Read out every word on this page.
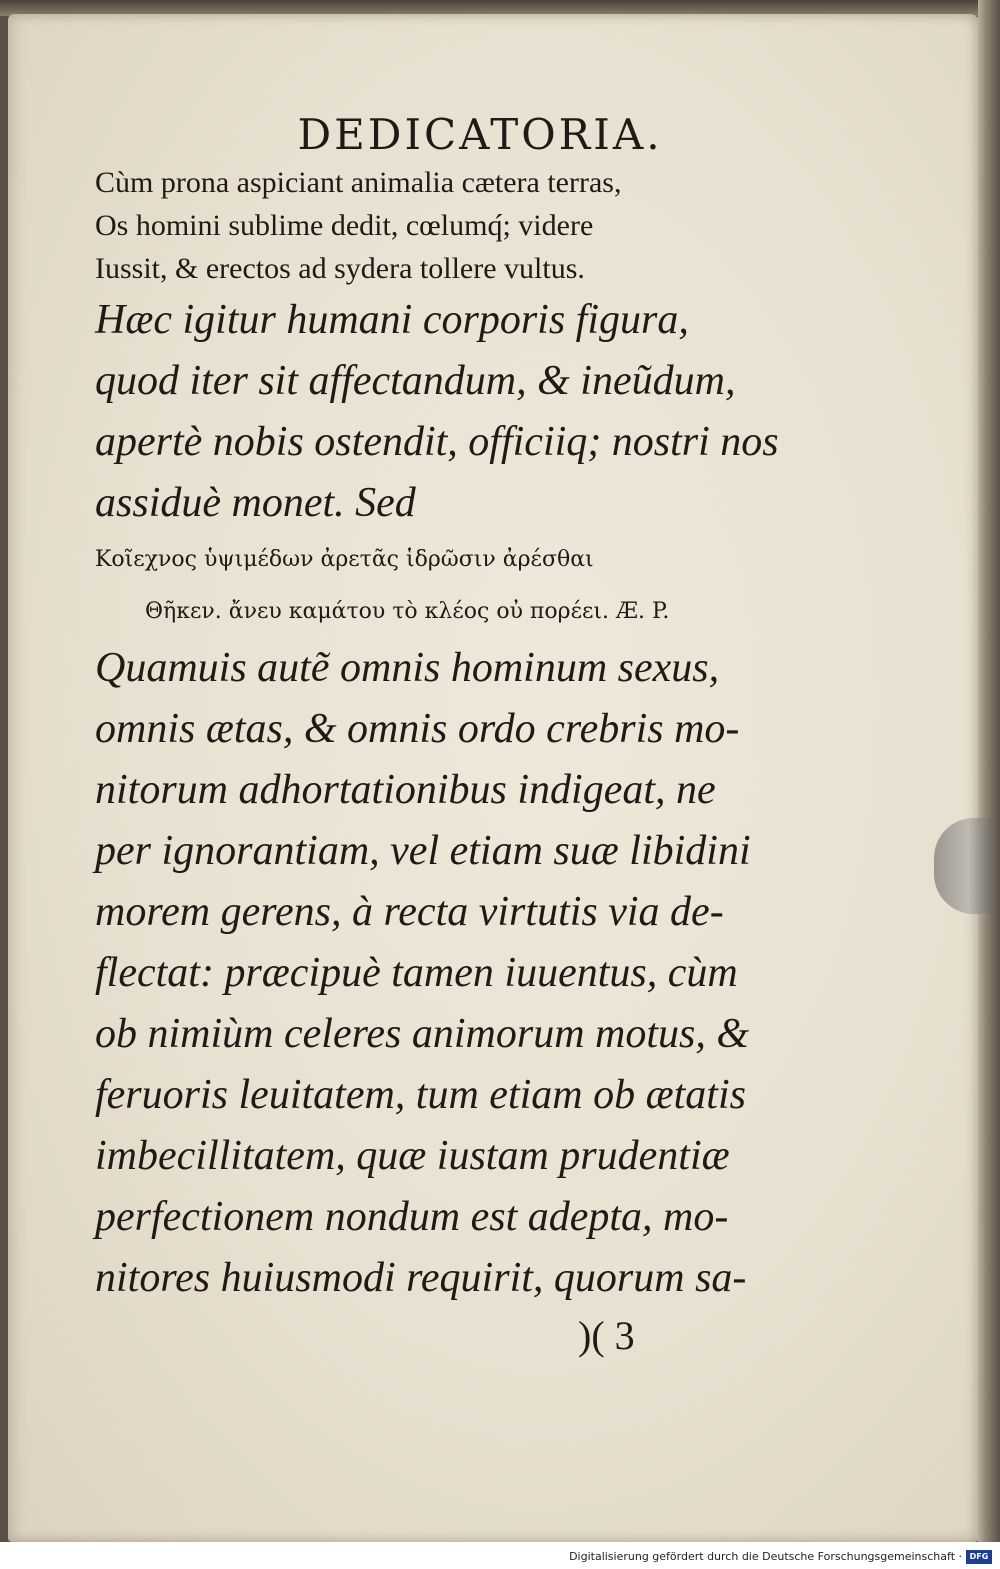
DEDICATORIA.

Cùm prona aspiciant animalia cætera terras,

Os homini sublime dedit, cœlumq́; videre

Iussit, & erectos ad sydera tollere vultus.

Hæc igitur humani corporis figura,

quod iter sit affectandum, & ineũdum,

apertè nobis ostendit, officiiq; nostri nos

assiduè monet. Sed

Κοῖεχνος ὑψιμέδων ἀρετᾶς ἱδρῶσιν ἀρέσθαι

Θῆκεν. ἄνευ καμάτου τὸ κλέος οὐ πορέει. Æ. P.

Quamuis autẽ omnis hominum sexus,

omnis ætas, & omnis ordo crebris mo-

nitorum adhortationibus indigeat, ne

per ignorantiam, vel etiam suæ libidini

morem gerens, à recta virtutis via de-

flectat: præcipuè tamen iuuentus, cùm

ob nimiùm celeres animorum motus, &

feruoris leuitatem, tum etiam ob ætatis

imbecillitatem, quæ iustam prudentiæ

perfectionem nondum est adepta, mo-

nitores huiusmodi requirit, quorum sa-

)( 3
Digitalisierung gefördert durch die Deutsche Forschungsgemeinschaft · DFG
